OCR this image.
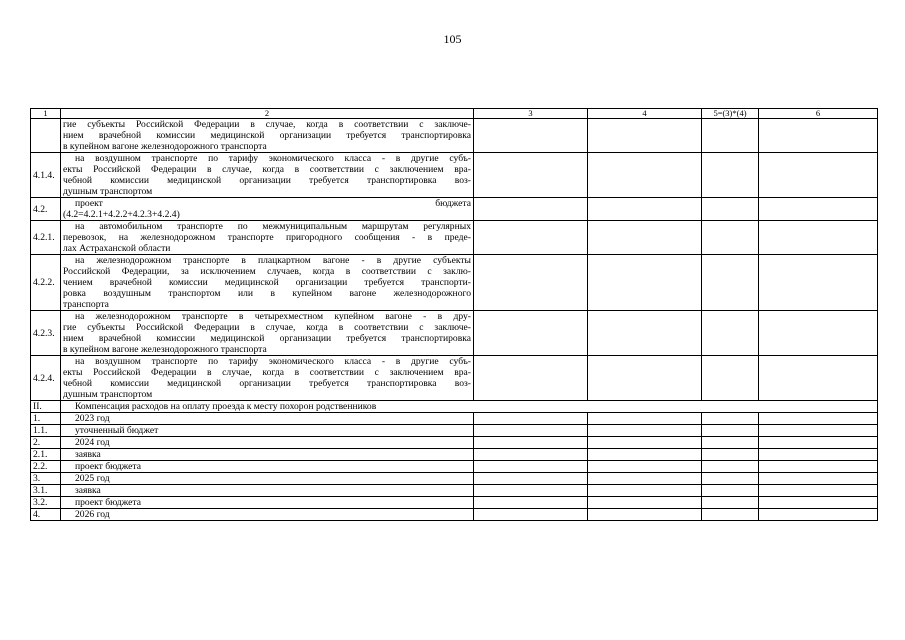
105
1	2	3	4	5=(3)*(4)	6

	гие субъекты Российской Федерации в случае, когда в соответствии с заключе-
нием врачебной комиссии медицинской организации требуется транспортировка
в купейном вагоне железнодорожного транспорта				

4.1.4.	на воздушном транспорте по тарифу экономического класса - в другие субъ-
екты Российской Федерации в случае, когда в соответствии с заключением вра-
чебной комиссии медицинской организации требуется транспортировка воз-
душным транспортом				

4.2.	проект бюджета
(4.2=4.2.1+4.2.2+4.2.3+4.2.4)				

4.2.1.	на автомобильном транспорте по межмуниципальным маршрутам регулярных
перевозок, на железнодорожном транспорте пригородного сообщения - в преде-
лах Астраханской области				

4.2.2.	на железнодорожном транспорте в плацкартном вагоне - в другие субъекты
Российской Федерации, за исключением случаев, когда в соответствии с заклю-
чением врачебной комиссии медицинской организации требуется транспорти-
ровка воздушным транспортом или в купейном вагоне железнодорожного
транспорта				

4.2.3.	на железнодорожном транспорте в четырехместном купейном вагоне - в дру-
гие субъекты Российской Федерации в случае, когда в соответствии с заключе-
нием врачебной комиссии медицинской организации требуется транспортировка
в купейном вагоне железнодорожного транспорта				

4.2.4.	на воздушном транспорте по тарифу экономического класса - в другие субъ-
екты Российской Федерации в случае, когда в соответствии с заключением вра-
чебной комиссии медицинской организации требуется транспортировка воз-
душным транспортом				

II.	Компенсация расходов на оплату проезда к месту похорон родственников				
1.	2023 год				
1.1.	уточненный бюджет				
2.	2024 год				
2.1.	заявка				
2.2.	проект бюджета				
3.	2025 год				
3.1.	заявка				
3.2.	проект бюджета				
4.	2026 год				
